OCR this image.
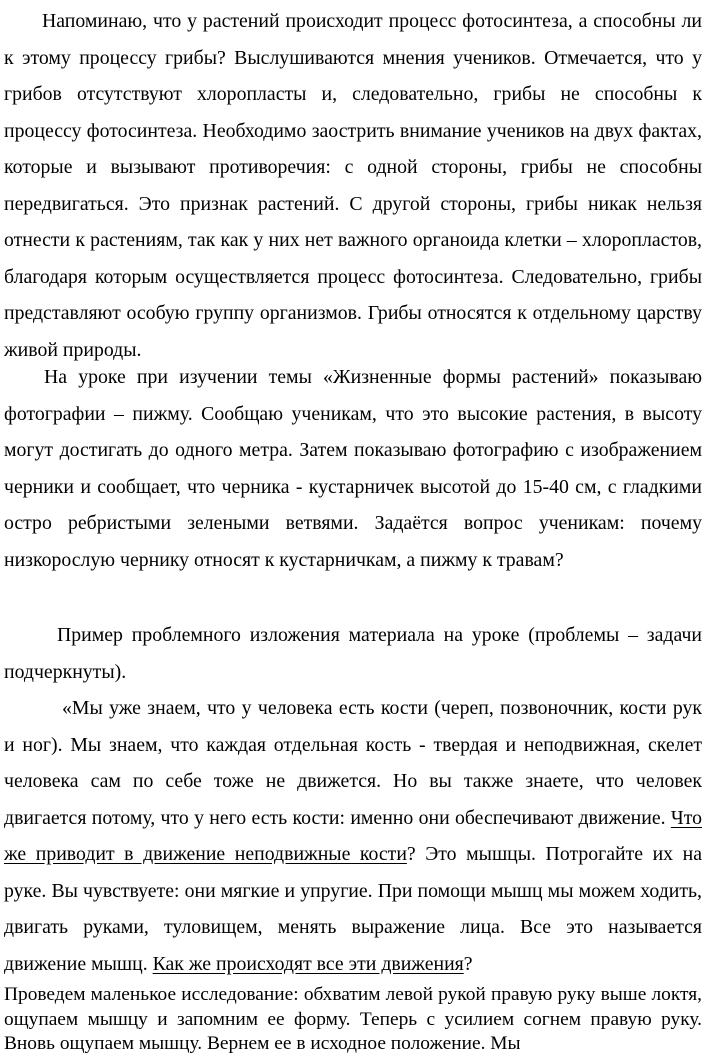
Напоминаю, что у растений происходит процесс фотосинтеза, а способны ли к этому процессу грибы? Выслушиваются мнения учеников. Отмечается, что у грибов отсутствуют хлоропласты и, следовательно, грибы не способны к процессу фотосинтеза. Необходимо заострить внимание учеников на двух фактах, которые и вызывают противоречия: с одной стороны, грибы не способны передвигаться. Это признак растений. С другой стороны, грибы никак нельзя отнести к растениям, так как у них нет важного органоида клетки – хлоропластов, благодаря которым осуществляется процесс фотосинтеза. Следовательно, грибы представляют особую группу организмов. Грибы относятся к отдельному царству живой природы.

На уроке при изучении темы «Жизненные формы растений» показываю фотографии – пижму. Сообщаю ученикам, что это высокие растения, в высоту могут достигать до одного метра. Затем показываю фотографию с изображением черники и сообщает, что черника - кустарничек высотой до 15-40 см, с гладкими остро ребристыми зелеными ветвями. Задаётся вопрос ученикам: почему низкорослую чернику относят к кустарничкам, а пижму к травам?

Пример проблемного изложения материала на уроке (проблемы – задачи подчеркнуты).

«Мы уже знаем, что у человека есть кости (череп, позвоночник, кости рук и ног). Мы знаем, что каждая отдельная кость - твердая и неподвижная, скелет человека сам по себе тоже не движется. Но вы также знаете, что человек двигается потому, что у него есть кости: именно они обеспечивают движение. Что же приводит в движение неподвижные кости? Это мышцы. Потрогайте их на руке. Вы чувствуете: они мягкие и упругие. При помощи мышц мы можем ходить, двигать руками, туловищем, менять выражение лица. Все это называется движение мышц. Как же происходят все эти движения?

Проведем маленькое исследование: обхватим левой рукой правую руку выше локтя, ощупаем мышцу и запомним ее форму. Теперь с усилием согнем правую руку. Вновь ощупаем мышцу. Вернем ее в исходное положение. Мы
